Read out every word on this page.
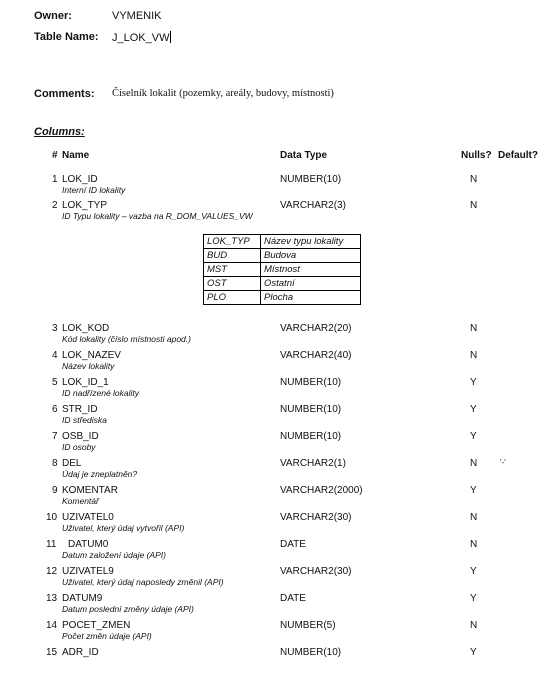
Owner:	VYMENIK
Table Name: J_LOK_VW
Comments: Číselník lokalit (pozemky, areály, budovy, místnosti)
Columns:
# Name	Data Type	Nulls? Default?
1 LOK_ID
Interní ID lokality
NUMBER(10)	N
2 LOK_TYP
ID Typu lokality – vazba na R_DOM_VALUES_VW
VARCHAR2(3)	N
3 LOK_KOD
Kód lokality (číslo místnosti apod.)
VARCHAR2(20)	N
4 LOK_NAZEV
Název lokality
VARCHAR2(40)	N
5 LOK_ID_1
ID nadřízené lokality
NUMBER(10)	Y
6 STR_ID
ID střediska
NUMBER(10)	Y
7 OSB_ID
ID osoby
NUMBER(10)	Y
8 DEL
Údaj je zneplatněn?
VARCHAR2(1)	N	'-'
9 KOMENTAR
Komentář
VARCHAR2(2000)	Y
10 UZIVATEL0
Uživatel, který údaj vytvořil (API)
VARCHAR2(30)	N
11 DATUM0
Datum založení údaje (API)
DATE	N
12 UZIVATEL9
Uživatel, který údaj naposledy změnil (API)
VARCHAR2(30)	Y
13 DATUM9
Datum poslední změny údaje (API)
DATE	Y
14 POCET_ZMEN
Počet změn údaje (API)
NUMBER(5)	N
15 ADR_ID	NUMBER(10)	Y
LOK_TYP	Název typu lokality
BUD	Budova
MST	Místnost
OST	Ostatní
PLO	Plocha
